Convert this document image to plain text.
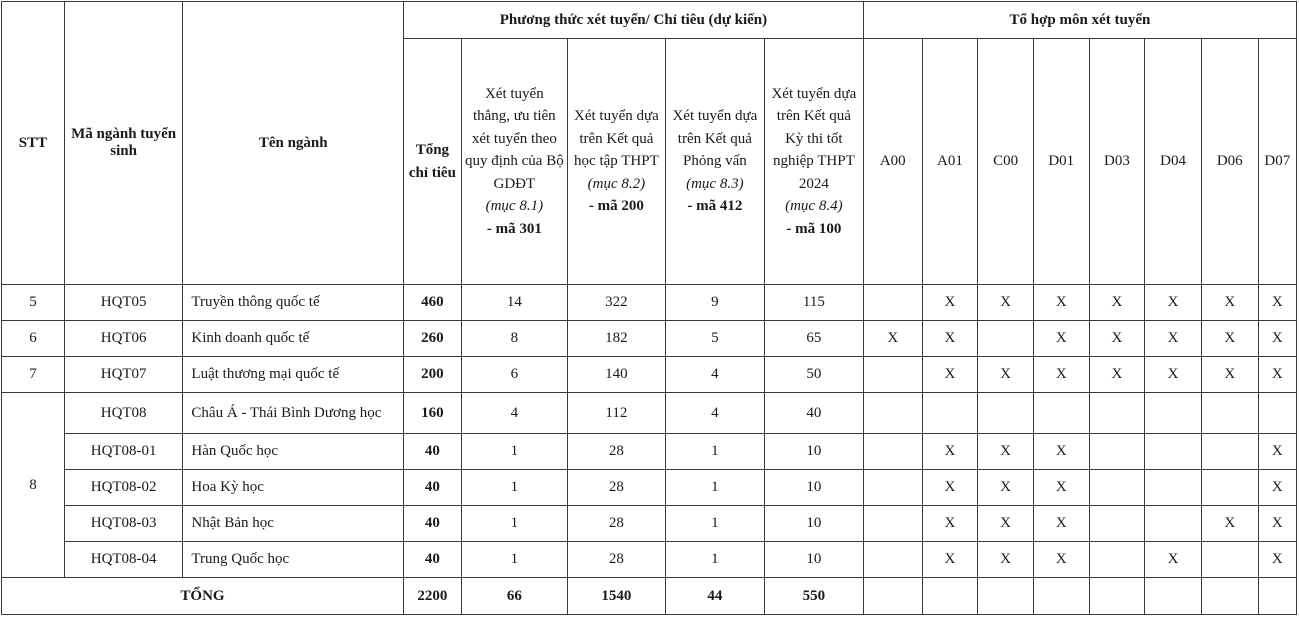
STT	Mã ngành tuyển sinh	Tên ngành	Phương thức xét tuyển/ Chỉ tiêu (dự kiến)					Tổ hợp môn xét tuyển							
			Tổng chỉ tiêu	Xét tuyển thẳng, ưu tiên xét tuyển theo quy định của Bộ GDĐT
(mục 8.1)
- mã 301	Xét tuyển dựa trên Kết quả học tập THPT
(mục 8.2)
- mã 200	Xét tuyển dựa trên Kết quả Phỏng vấn
(mục 8.3)
- mã 412	Xét tuyển dựa trên Kết quả Kỳ thi tốt nghiệp THPT 2024
(mục 8.4)
- mã 100	A00	A01	C00	D01	D03	D04	D06	D07
5	HQT05	Truyền thông quốc tế	460	14	322	9	115		X	X	X	X	X	X	X
6	HQT06	Kinh doanh quốc tế	260	8	182	5	65	X	X		X	X	X	X	X
7	HQT07	Luật thương mại quốc tế	200	6	140	4	50		X	X	X	X	X	X	X
8	HQT08	Châu Á - Thái Bình Dương học	160	4	112	4	40								
	HQT08-01	Hàn Quốc học	40	1	28	1	10		X	X	X				X
	HQT08-02	Hoa Kỳ học	40	1	28	1	10		X	X	X				X
	HQT08-03	Nhật Bản học	40	1	28	1	10		X	X	X			X	X
	HQT08-04	Trung Quốc học	40	1	28	1	10		X	X	X		X		X
TỔNG			2200	66	1540	44	550								
